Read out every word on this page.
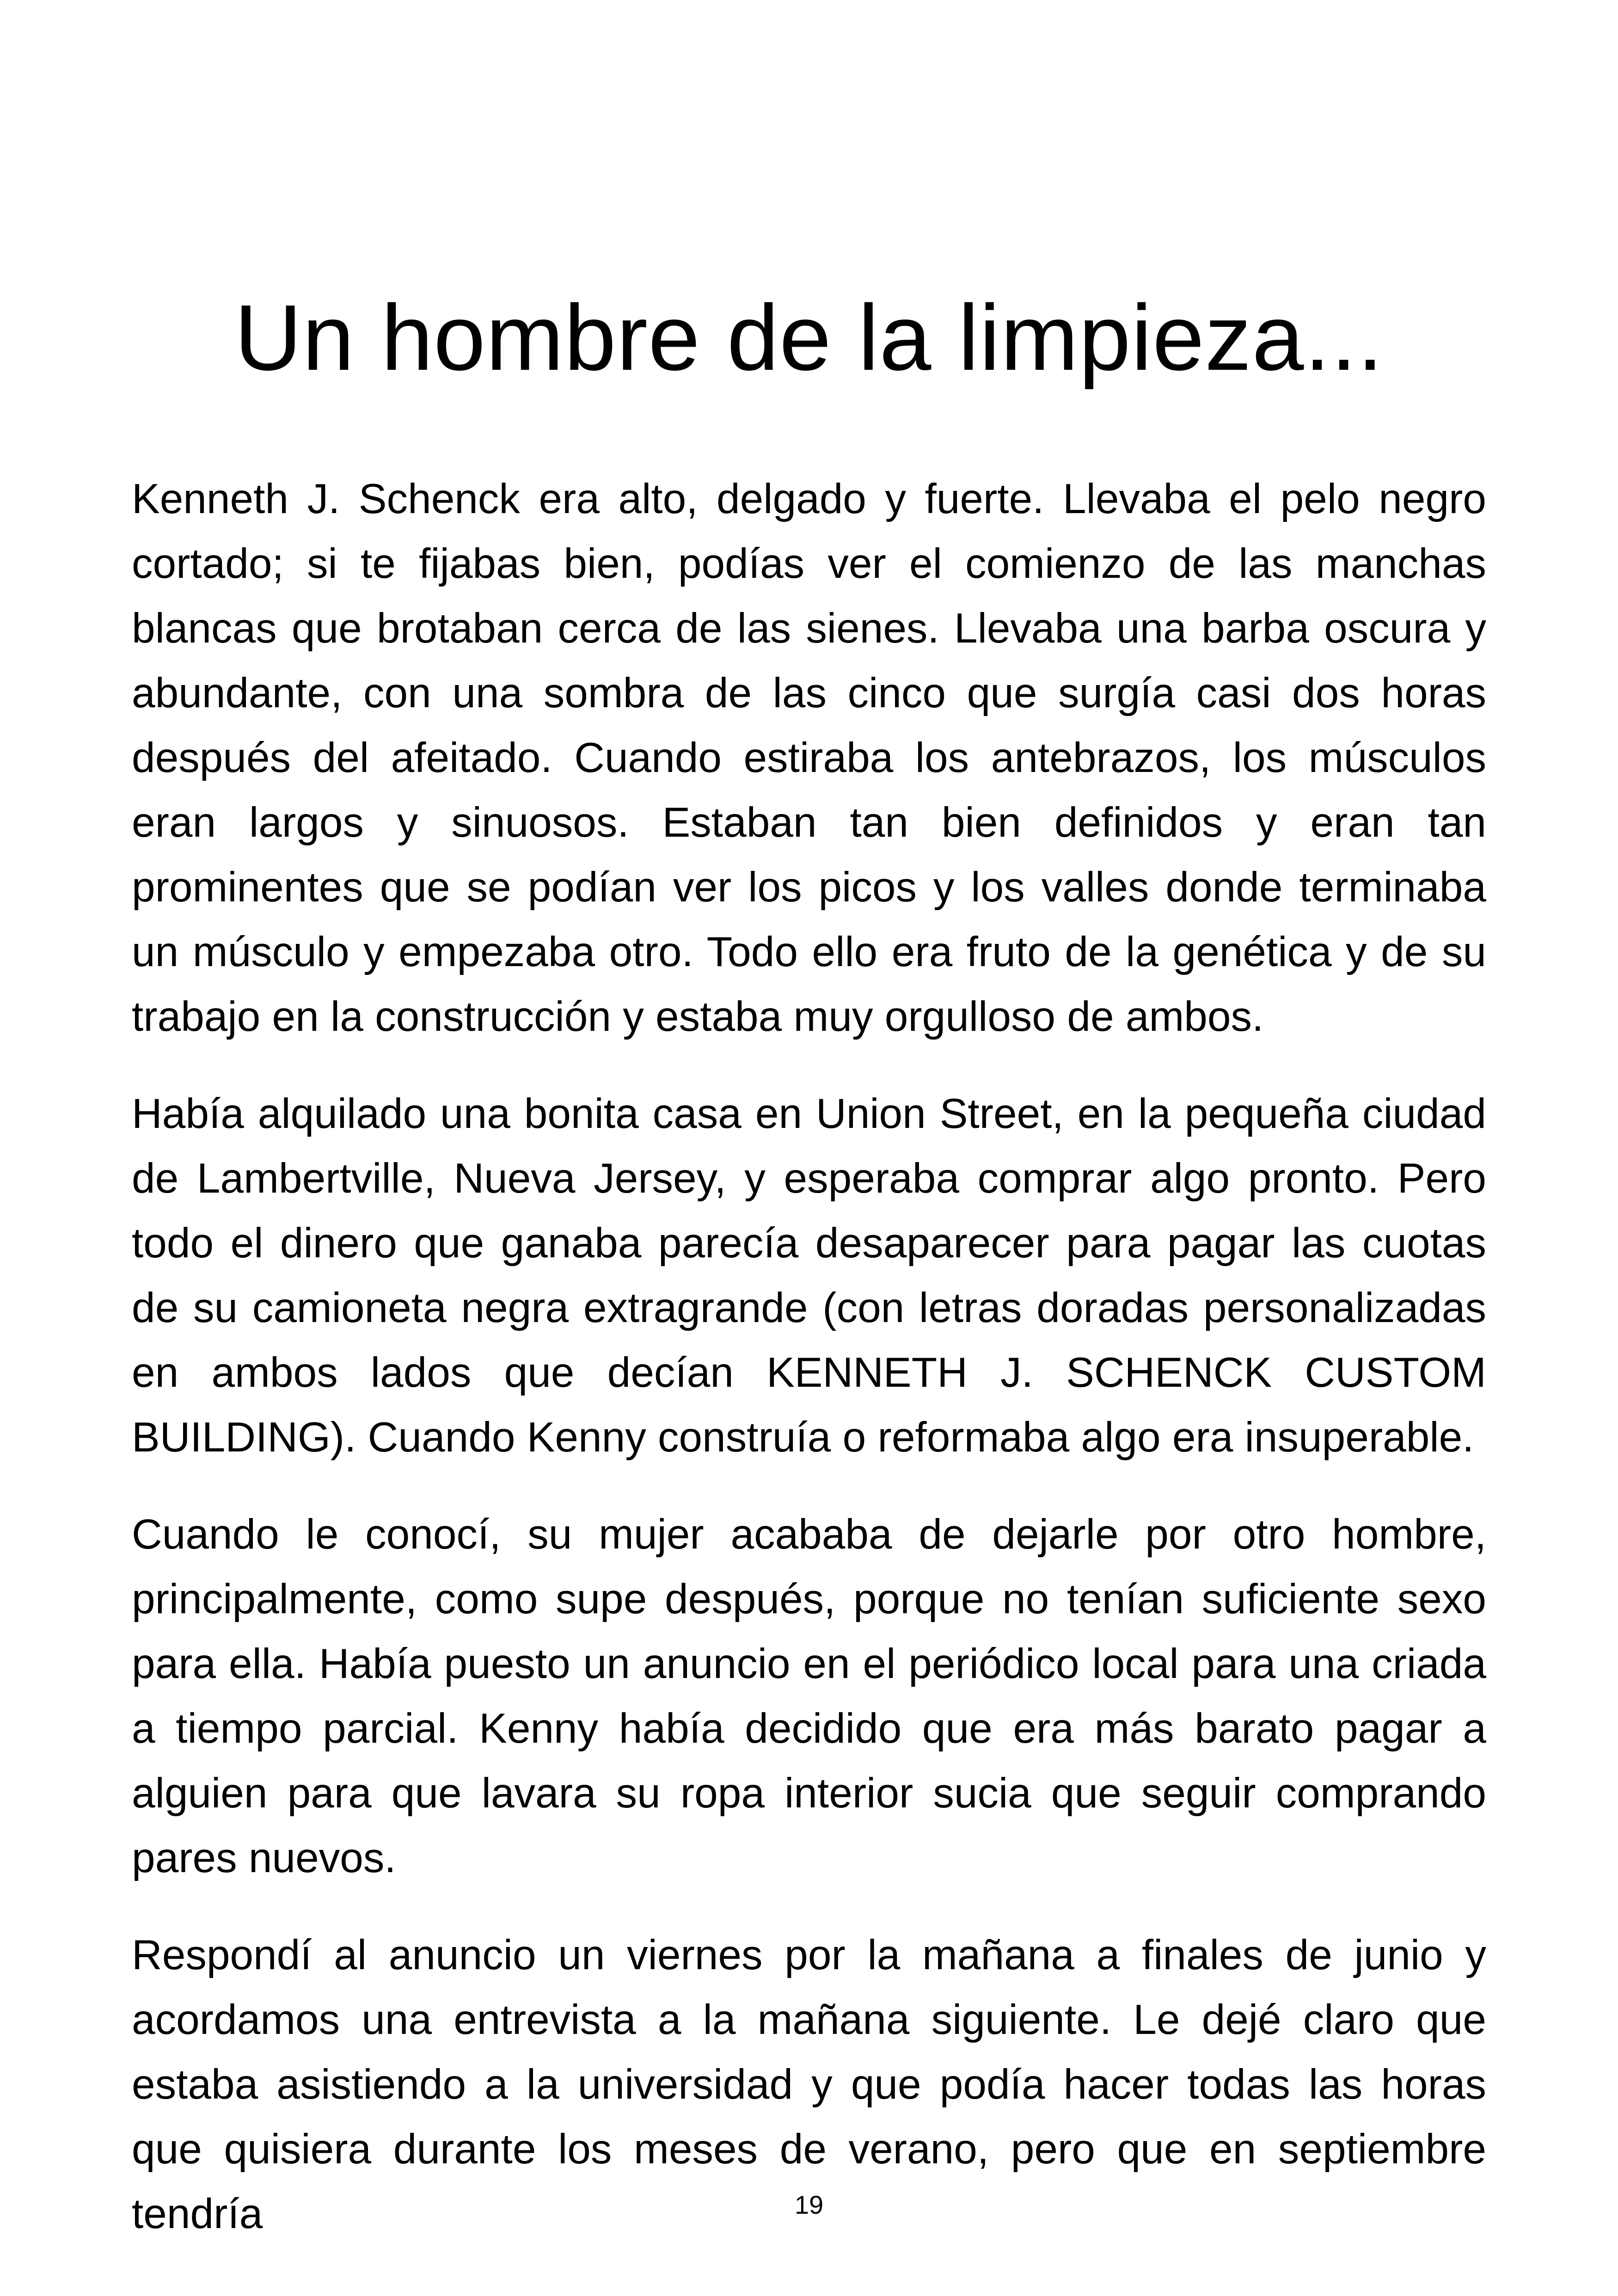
Un hombre de la limpieza...

Kenneth J. Schenck era alto, delgado y fuerte. Llevaba el pelo negro cortado; si te fijabas bien, podías ver el comienzo de las manchas blancas que brotaban cerca de las sienes. Llevaba una barba oscura y abundante, con una sombra de las cinco que surgía casi dos horas después del afeitado. Cuando estiraba los antebrazos, los músculos eran largos y sinuosos. Estaban tan bien definidos y eran tan prominentes que se podían ver los picos y los valles donde terminaba un músculo y empezaba otro. Todo ello era fruto de la genética y de su trabajo en la construcción y estaba muy orgulloso de ambos.

Había alquilado una bonita casa en Union Street, en la pequeña ciudad de Lambertville, Nueva Jersey, y esperaba comprar algo pronto. Pero todo el dinero que ganaba parecía desaparecer para pagar las cuotas de su camioneta negra extragrande (con letras doradas personalizadas en ambos lados que decían KENNETH J. SCHENCK CUSTOM BUILDING). Cuando Kenny construía o reformaba algo era insuperable.

Cuando le conocí, su mujer acababa de dejarle por otro hombre, principalmente, como supe después, porque no tenían suficiente sexo para ella. Había puesto un anuncio en el periódico local para una criada a tiempo parcial. Kenny había decidido que era más barato pagar a alguien para que lavara su ropa interior sucia que seguir comprando pares nuevos.

Respondí al anuncio un viernes por la mañana a finales de junio y acordamos una entrevista a la mañana siguiente. Le dejé claro que estaba asistiendo a la universidad y que podía hacer todas las horas que quisiera durante los meses de verano, pero que en septiembre tendría	19
